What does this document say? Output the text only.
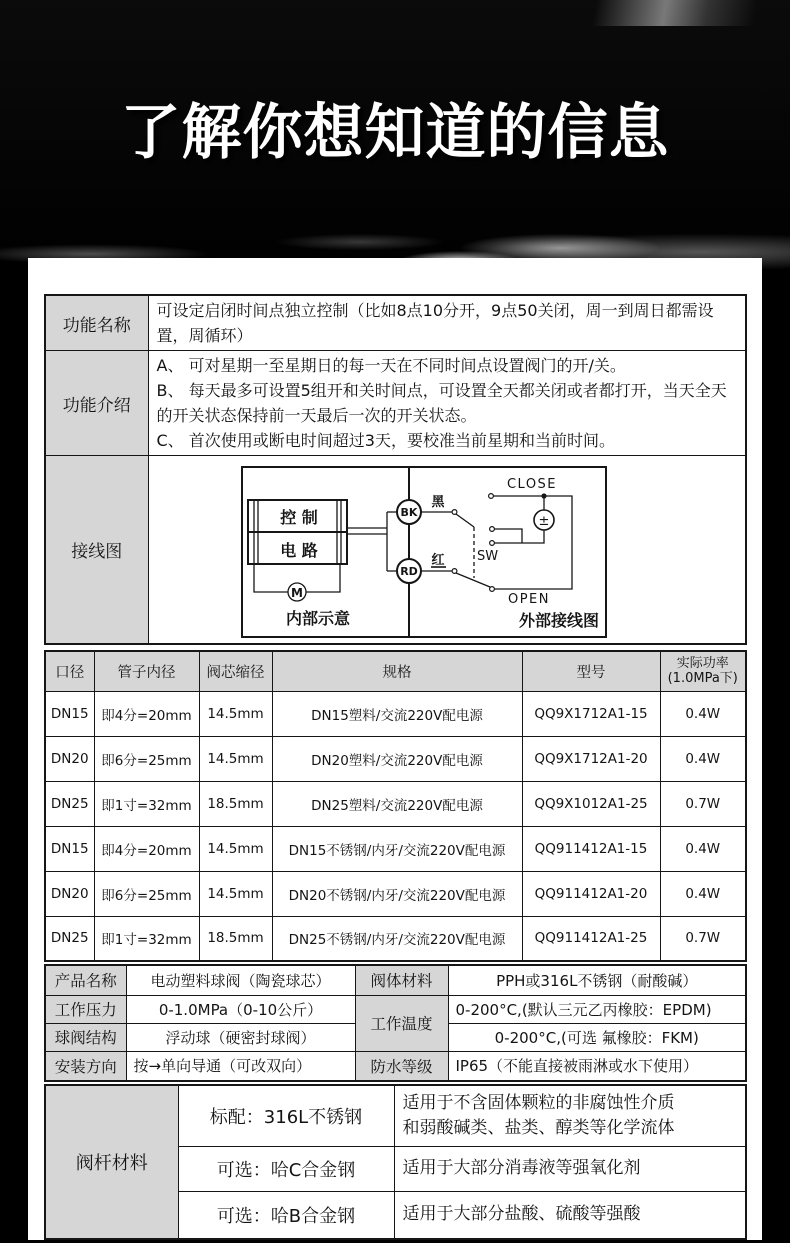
了解你想知道的信息
功能名称	可设定启闭时间点独立控制（比如8点10分开，9点50关闭，周一到周日都需设置，周循环）

功能介绍	A、 可对星期一至星期日的每一天在不同时间点设置阀门的开/关。
B、 每天最多可设置5组开和关时间点，可设置全天都关闭或者都打开，当天全天的开关状态保持前一天最后一次的开关状态。
C、 首次使用或断电时间超过3天，要校准当前星期和当前时间。

接线图	
控 制
电 路
M
内部示意
BK
RD
黑
红 SW
CLOSE
OPEN
±
外部接线图
口径	管子内径	阀芯缩径	规格	型号	实际功率
(1.0MPa下)

DN15	即4分=20mm	14.5mm	DN15塑料/交流220V配电源	QQ9X1712A1-15	0.4W
DN20	即6分=25mm	14.5mm	DN20塑料/交流220V配电源	QQ9X1712A1-20	0.4W
DN25	即1寸=32mm	18.5mm	DN25塑料/交流220V配电源	QQ9X1012A1-25	0.7W
DN15	即4分=20mm	14.5mm	DN15不锈钢/内牙/交流220V配电源	QQ911412A1-15	0.4W
DN20	即6分=25mm	14.5mm	DN20不锈钢/内牙/交流220V配电源	QQ911412A1-20	0.4W
DN25	即1寸=32mm	18.5mm	DN25不锈钢/内牙/交流220V配电源	QQ911412A1-25	0.7W
产品名称	电动塑料球阀（陶瓷球芯）	阀体材料	PPH或316L不锈钢（耐酸碱）
工作压力	0-1.0MPa（0-10公斤）	工作温度	0-200°C,(默认三元乙丙橡胶：EPDM)
球阀结构	浮动球（硬密封球阀）		0-200°C,(可选 氟橡胶：FKM)
安装方向	按→单向导通（可改双向）	防水等级	IP65（不能直接被雨淋或水下使用）
阀杆材料	标配：316L不锈钢	适用于不含固体颗粒的非腐蚀性介质
和弱酸碱类、盐类、醇类等化学流体

	可选：哈C合金钢	适用于大部分消毒液等强氧化剂
	可选：哈B合金钢	适用于大部分盐酸、硫酸等强酸
